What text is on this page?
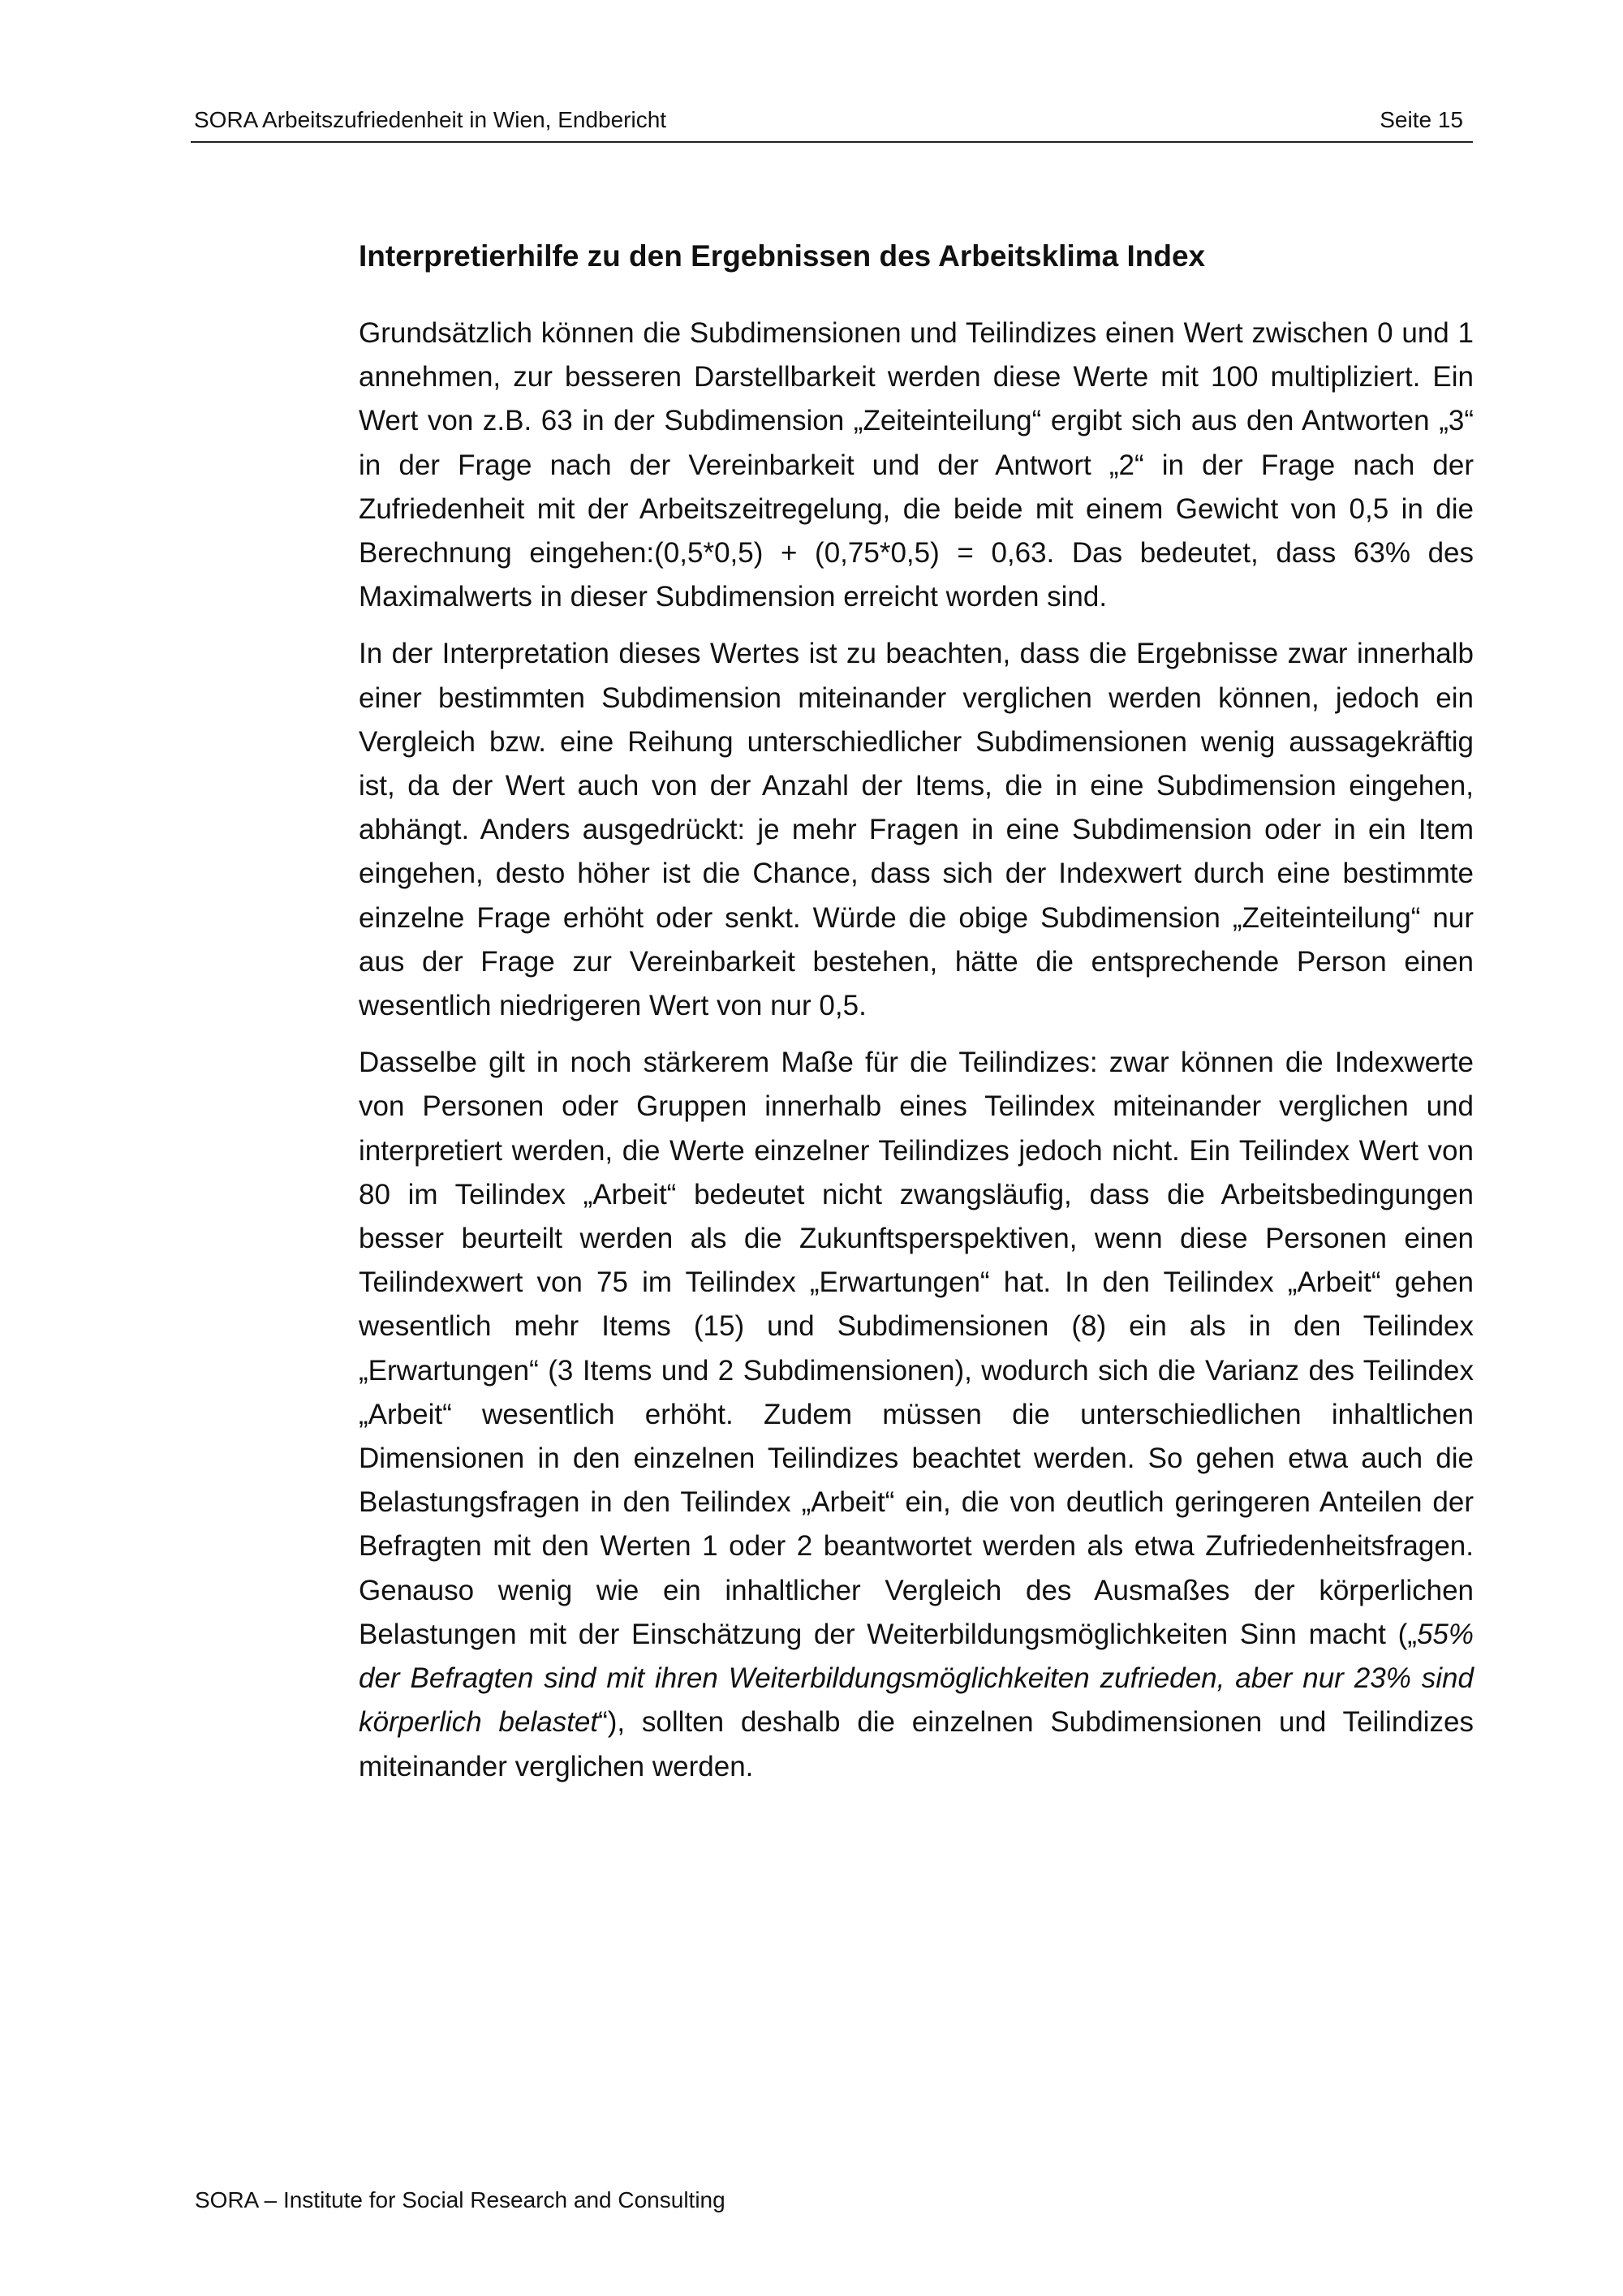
SORA Arbeitszufriedenheit in Wien, Endbericht	Seite 15
Interpretierhilfe zu den Ergebnissen des Arbeitsklima Index

Grundsätzlich können die Subdimensionen und Teilindizes einen Wert zwischen 0 und 1 annehmen, zur besseren Darstellbarkeit werden diese Werte mit 100 multipliziert. Ein Wert von z.B. 63 in der Subdimension „Zeiteinteilung“ ergibt sich aus den Antworten „3“ in der Frage nach der Vereinbarkeit und der Antwort „2“ in der Frage nach der Zufriedenheit mit der Arbeitszeitregelung, die beide mit einem Gewicht von 0,5 in die Berechnung eingehen:(0,5*0,5) + (0,75*0,5) = 0,63. Das bedeutet, dass 63% des Maximalwerts in dieser Subdimension erreicht worden sind.

In der Interpretation dieses Wertes ist zu beachten, dass die Ergebnisse zwar innerhalb einer bestimmten Subdimension miteinander verglichen werden können, jedoch ein Vergleich bzw. eine Reihung unterschiedlicher Subdimensionen wenig aussagekräftig ist, da der Wert auch von der Anzahl der Items, die in eine Subdimension eingehen, abhängt. Anders ausgedrückt: je mehr Fragen in eine Subdimension oder in ein Item eingehen, desto höher ist die Chance, dass sich der Indexwert durch eine bestimmte einzelne Frage erhöht oder senkt. Würde die obige Subdimension „Zeiteinteilung“ nur aus der Frage zur Vereinbarkeit bestehen, hätte die entsprechende Person einen wesentlich niedrigeren Wert von nur 0,5.

Dasselbe gilt in noch stärkerem Maße für die Teilindizes: zwar können die Indexwerte von Personen oder Gruppen innerhalb eines Teilindex miteinander verglichen und interpretiert werden, die Werte einzelner Teilindizes jedoch nicht. Ein Teilindex Wert von 80 im Teilindex „Arbeit“ bedeutet nicht zwangsläufig, dass die Arbeitsbedingungen besser beurteilt werden als die Zukunftsperspektiven, wenn diese Personen einen Teilindexwert von 75 im Teilindex „Erwartungen“ hat. In den Teilindex „Arbeit“ gehen wesentlich mehr Items (15) und Subdimensionen (8) ein als in den Teilindex „Erwartungen“ (3 Items und 2 Subdimensionen), wodurch sich die Varianz des Teilindex „Arbeit“ wesentlich erhöht. Zudem müssen die unterschiedlichen inhaltlichen Dimensionen in den einzelnen Teilindizes beachtet werden. So gehen etwa auch die Belastungsfragen in den Teilindex „Arbeit“ ein, die von deutlich geringeren Anteilen der Befragten mit den Werten 1 oder 2 beantwortet werden als etwa Zufriedenheitsfragen. Genauso wenig wie ein inhaltlicher Vergleich des Ausmaßes der körperlichen Belastungen mit der Einschätzung der Weiterbildungsmöglichkeiten Sinn macht („55% der Befragten sind mit ihren Weiterbildungsmöglichkeiten zufrieden, aber nur 23% sind körperlich belastet“), sollten deshalb die einzelnen Subdimensionen und Teilindizes miteinander verglichen werden.

SORA – Institute for Social Research and Consulting
